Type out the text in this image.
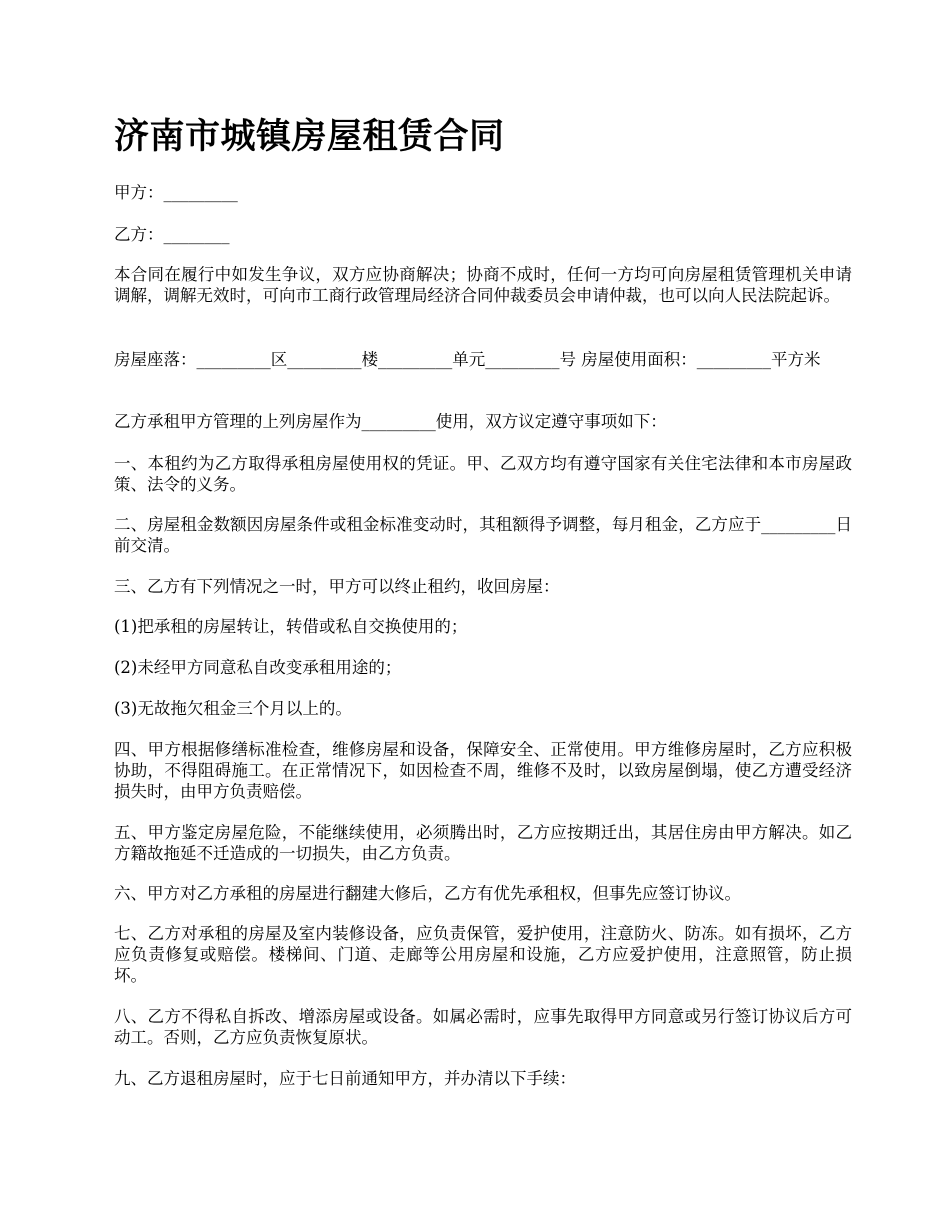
济南市城镇房屋租赁合同

甲方：_________

乙方：________

本合同在履行中如发生争议，双方应协商解决；协商不成时，任何一方均可向房屋租赁管理机关申请调解，调解无效时，可向市工商行政管理局经济合同仲裁委员会申请仲裁，也可以向人民法院起诉。

房屋座落：_________区_________楼_________单元_________号 房屋使用面积：_________平方米

乙方承租甲方管理的上列房屋作为_________使用，双方议定遵守事项如下：

一、本租约为乙方取得承租房屋使用权的凭证。甲、乙双方均有遵守国家有关住宅法律和本市房屋政策、法令的义务。

二、房屋租金数额因房屋条件或租金标准变动时，其租额得予调整，每月租金，乙方应于_________日前交清。

三、乙方有下列情况之一时，甲方可以终止租约，收回房屋：

(1)把承租的房屋转让，转借或私自交换使用的；

(2)未经甲方同意私自改变承租用途的；

(3)无故拖欠租金三个月以上的。

四、甲方根据修缮标准检查，维修房屋和设备，保障安全、正常使用。甲方维修房屋时，乙方应积极协助，不得阻碍施工。在正常情况下，如因检查不周，维修不及时，以致房屋倒塌，使乙方遭受经济损失时，由甲方负责赔偿。

五、甲方鉴定房屋危险，不能继续使用，必须腾出时，乙方应按期迁出，其居住房由甲方解决。如乙方籍故拖延不迁造成的一切损失，由乙方负责。

六、甲方对乙方承租的房屋进行翻建大修后，乙方有优先承租权，但事先应签订协议。

七、乙方对承租的房屋及室内装修设备，应负责保管，爱护使用，注意防火、防冻。如有损坏，乙方应负责修复或赔偿。楼梯间、门道、走廊等公用房屋和设施，乙方应爱护使用，注意照管，防止损坏。

八、乙方不得私自拆改、增添房屋或设备。如属必需时，应事先取得甲方同意或另行签订协议后方可动工。否则，乙方应负责恢复原状。

九、乙方退租房屋时，应于七日前通知甲方，并办清以下手续：
